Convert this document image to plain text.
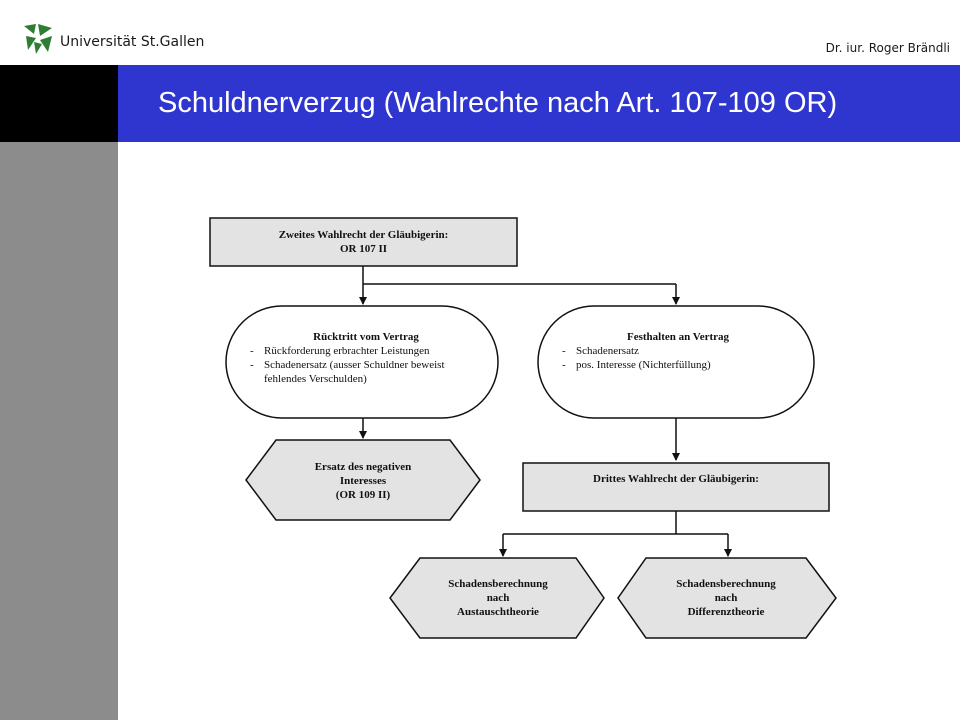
Universität St.Gallen	Dr. iur. Roger Brändli
Schuldnerverzug (Wahlrechte nach Art. 107-109 OR)
Zweites Wahlrecht der Gläubigerin:
OR 107 II
Rücktritt vom Vertrag
- Rückforderung erbrachter Leistungen
- Schadenersatz (ausser Schuldner beweist fehlendes Verschulden)
Festhalten an Vertrag
- Schadenersatz
- pos. Interesse (Nichterfüllung)
Ersatz des negativen
Interesses
(OR 109 II)
Drittes Wahlrecht der Gläubigerin:
Schadensberechnung
nach
Austauschtheorie
Schadensberechnung
nach
Differenztheorie
